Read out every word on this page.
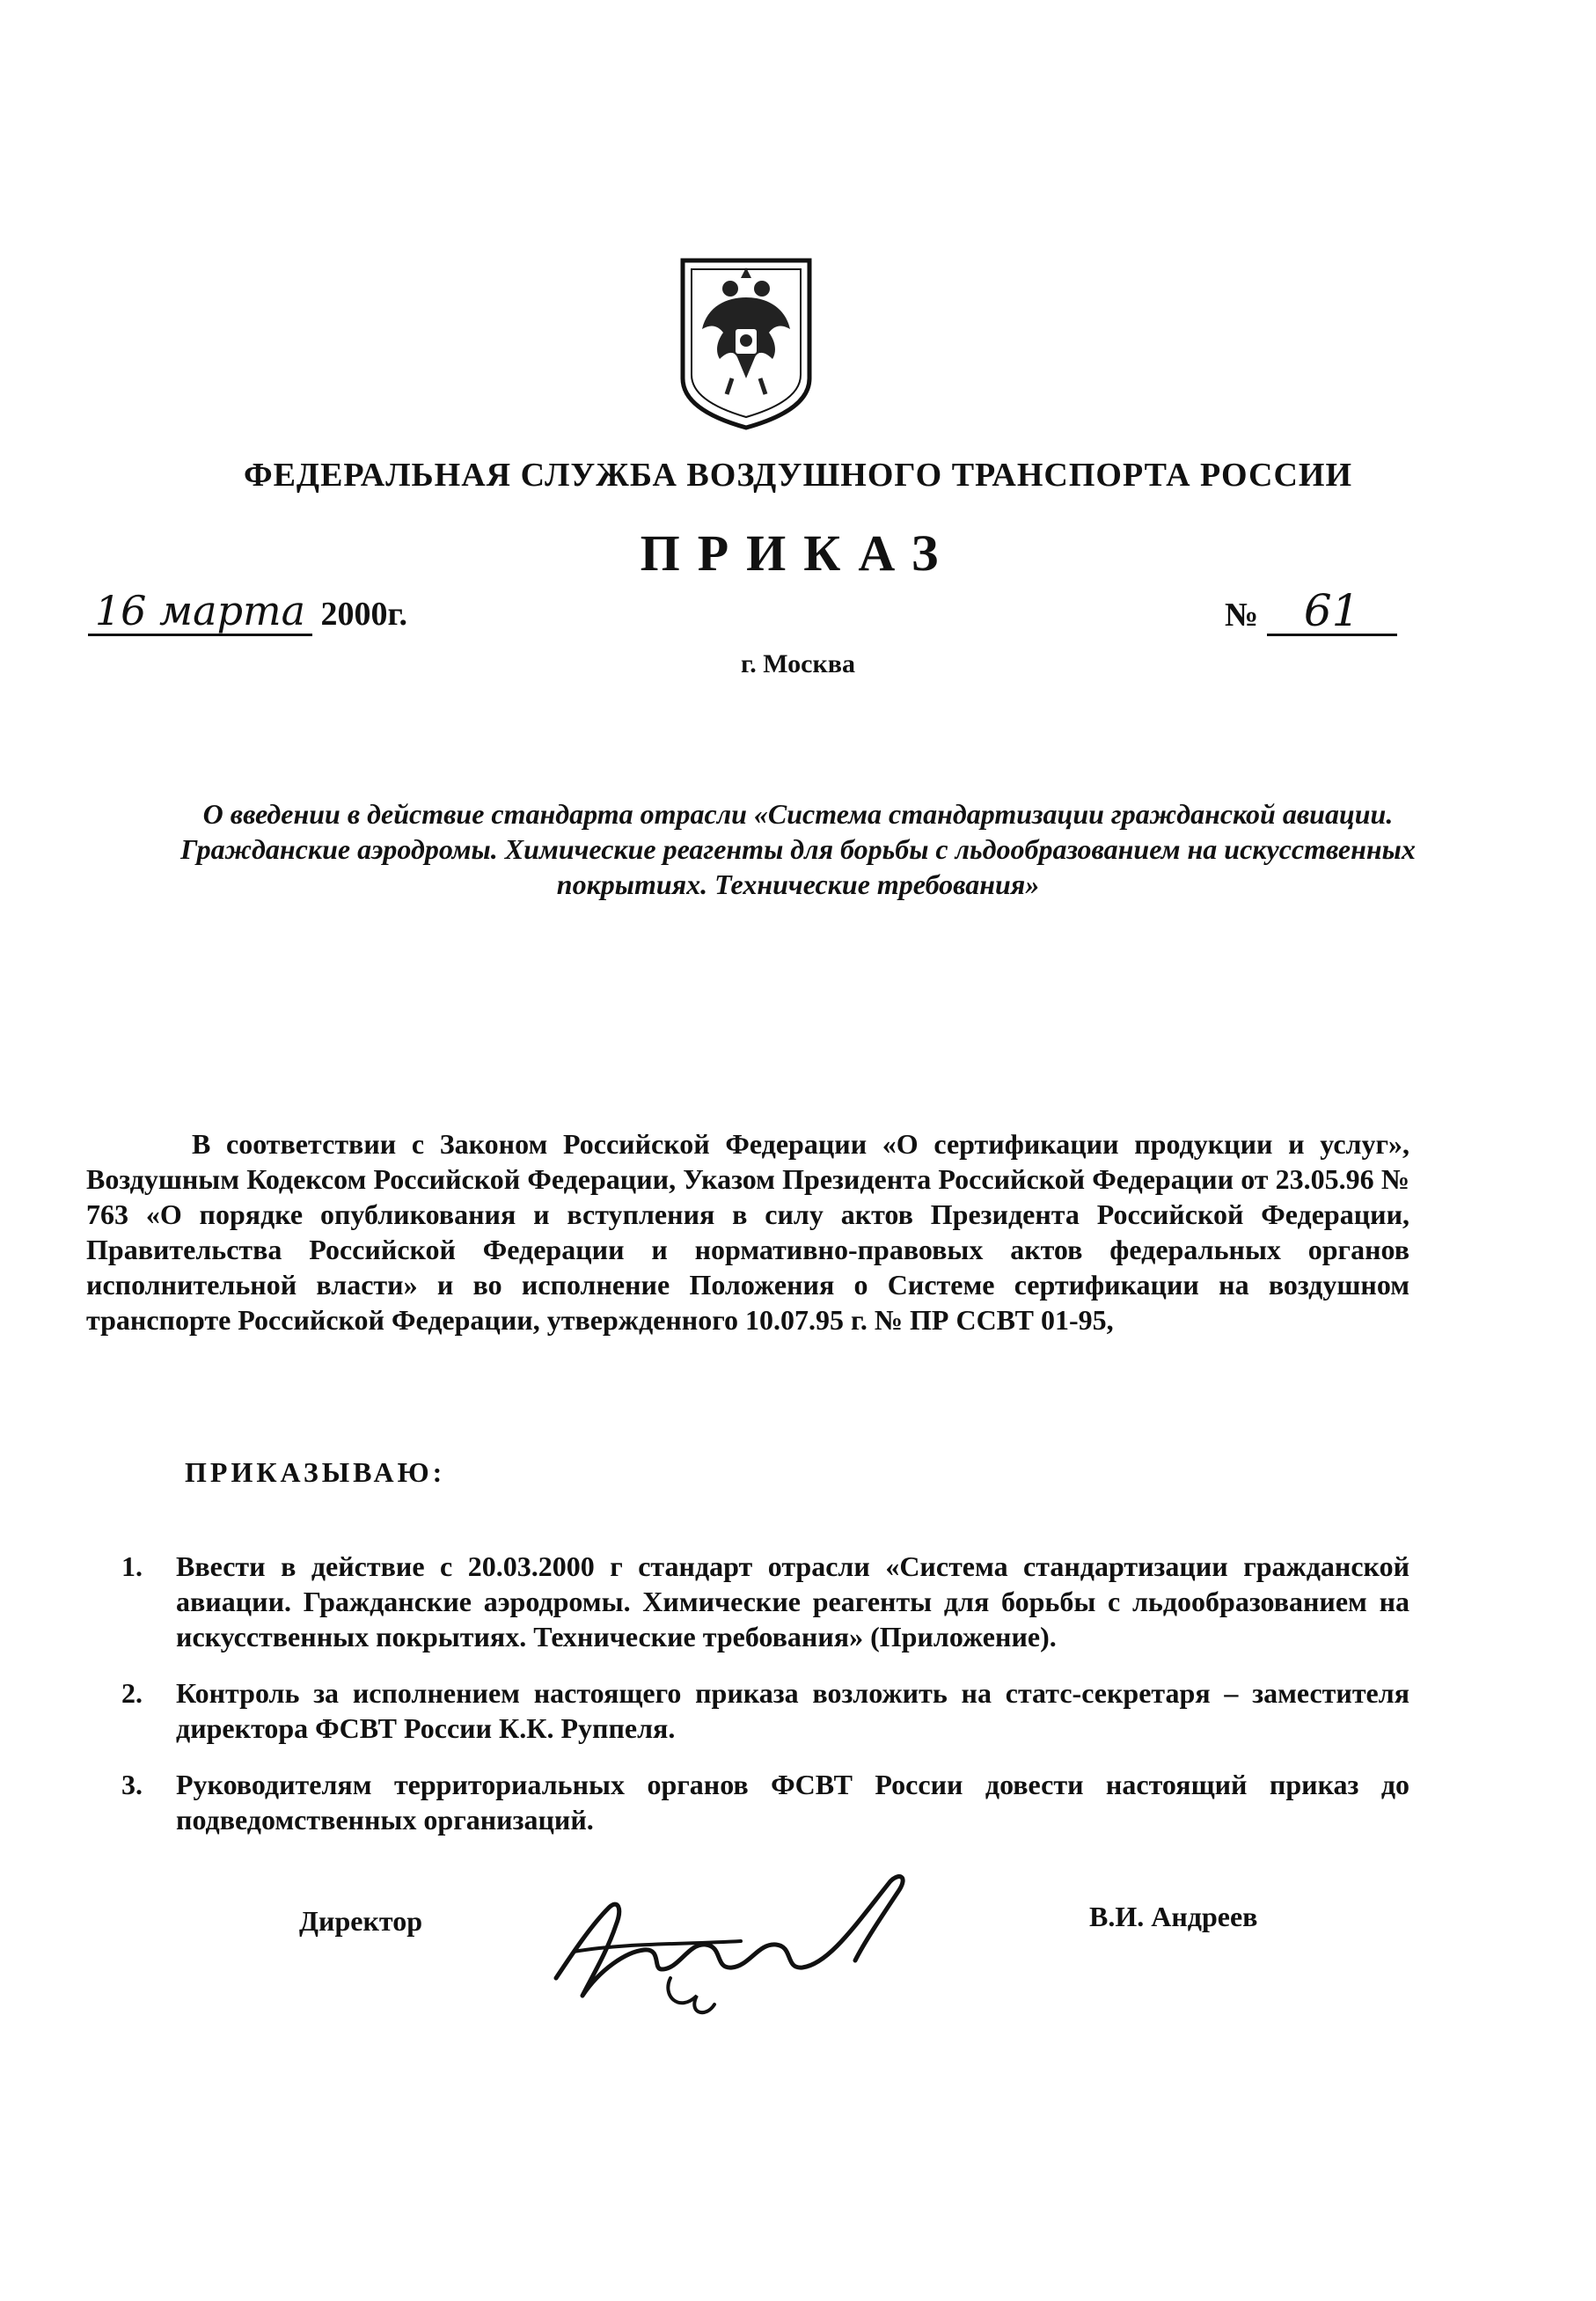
ФЕДЕРАЛЬНАЯ СЛУЖБА ВОЗДУШНОГО ТРАНСПОРТА РОССИИ
ПРИКАЗ
16 марта 2000г.	№ 61
г. Москва
О введении в действие стандарта отрасли «Система стандартизации гражданской авиации. Гражданские аэродромы. Химические реагенты для борьбы с льдообразованием на искусственных покрытиях. Технические требования»
В соответствии с Законом Российской Федерации «О сертификации продукции и услуг», Воздушным Кодексом Российской Федерации, Указом Президента Российской Федерации от 23.05.96 № 763 «О порядке опубликования и вступления в силу актов Президента Российской Федерации, Правительства Российской Федерации и нормативно-правовых актов федеральных органов исполнительной власти» и во исполнение Положения о Системе сертификации на воздушном транспорте Российской Федерации, утвержденного 10.07.95 г. № ПР ССВТ 01-95,
ПРИКАЗЫВАЮ:
1. Ввести в действие с 20.03.2000 г стандарт отрасли «Система стандартизации гражданской авиации. Гражданские аэродромы. Химические реагенты для борьбы с льдообразованием на искусственных покрытиях. Технические требования» (Приложение).
2. Контроль за исполнением настоящего приказа возложить на статс-секретаря – заместителя директора ФСВТ России К.К. Руппеля.
3. Руководителям территориальных органов ФСВТ России довести настоящий приказ до подведомственных организаций.
Директор	В.И. Андреев
